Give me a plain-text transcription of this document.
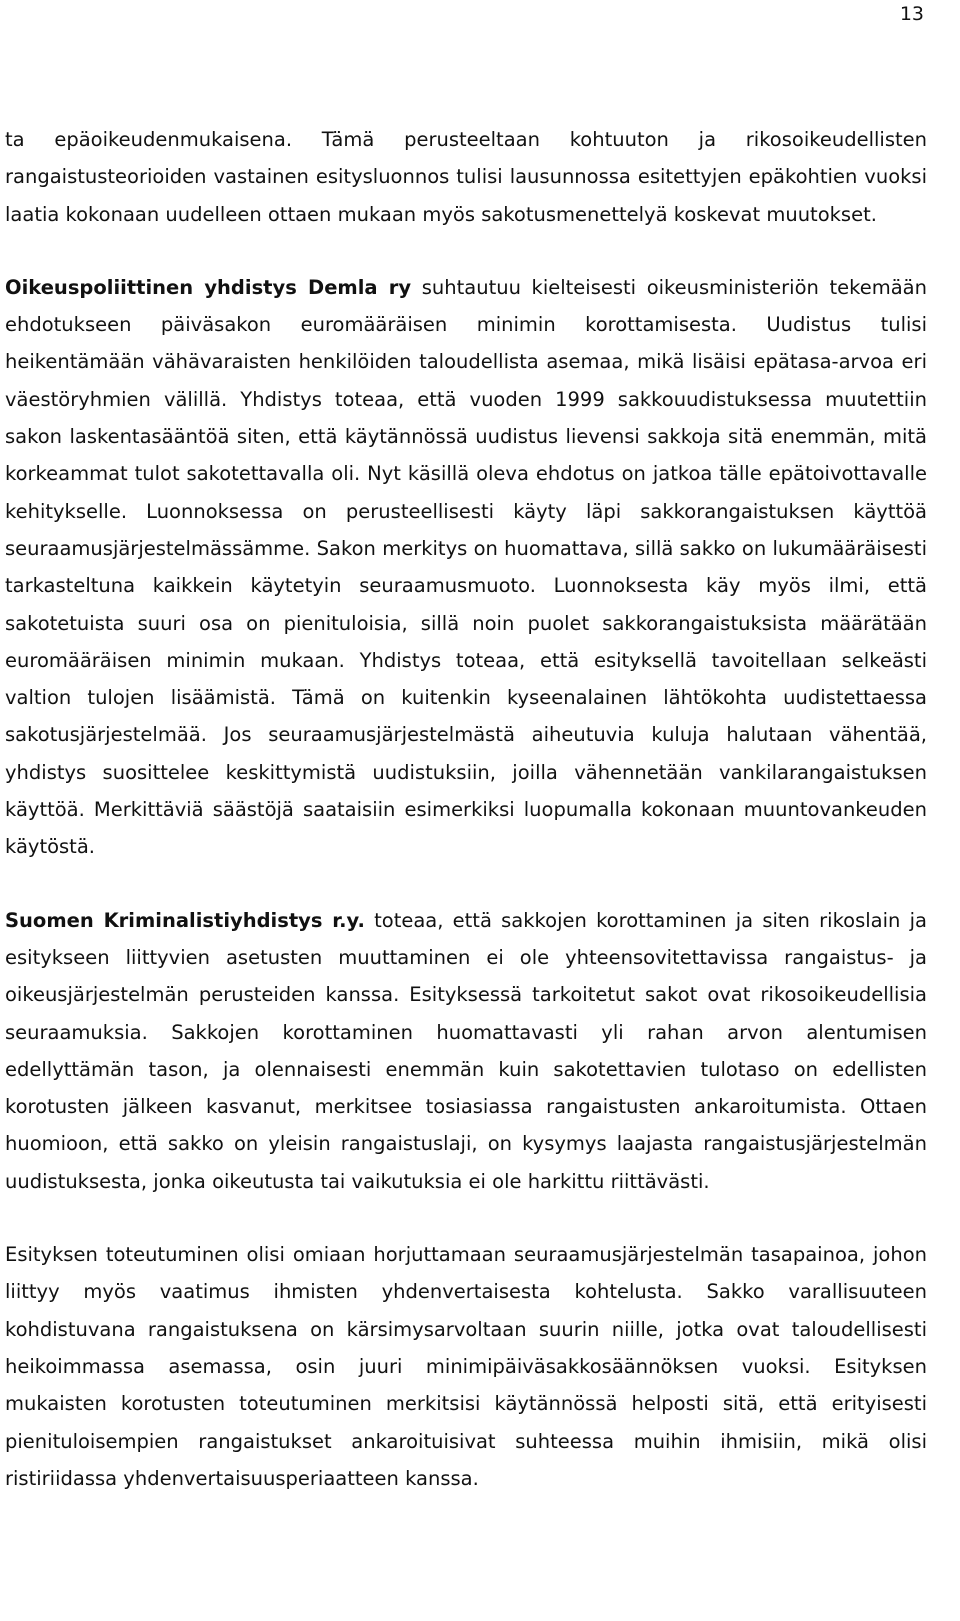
13

ta epäoikeudenmukaisena. Tämä perusteeltaan kohtuuton ja rikosoikeudellisten rangaistusteorioiden vastainen esitysluonnos tulisi lausunnossa esitettyjen epäkohtien vuoksi laatia kokonaan uudelleen ottaen mukaan myös sakotusmenettelyä koskevat muutokset.

Oikeuspoliittinen yhdistys Demla ry suhtautuu kielteisesti oikeusministeriön tekemään ehdotukseen päiväsakon euromääräisen minimin korottamisesta. Uudistus tulisi heikentämään vähävaraisten henkilöiden taloudellista asemaa, mikä lisäisi epätasa-arvoa eri väestöryhmien välillä. Yhdistys toteaa, että vuoden 1999 sakkouudistuksessa muutettiin sakon laskentasääntöä siten, että käytännössä uudistus lievensi sakkoja sitä enemmän, mitä korkeammat tulot sakotettavalla oli. Nyt käsillä oleva ehdotus on jatkoa tälle epätoivottavalle kehitykselle. Luonnoksessa on perusteellisesti käyty läpi sakkorangaistuksen käyttöä seuraamusjärjestelmässämme. Sakon merkitys on huomattava, sillä sakko on lukumääräisesti tarkasteltuna kaikkein käytetyin seuraamusmuoto. Luonnoksesta käy myös ilmi, että sakotetuista suuri osa on pienituloisia, sillä noin puolet sakkorangaistuksista määrätään euromääräisen minimin mukaan. Yhdistys toteaa, että esityksellä tavoitellaan selkeästi valtion tulojen lisäämistä. Tämä on kuitenkin kyseenalainen lähtökohta uudistettaessa sakotusjärjestelmää. Jos seuraamusjärjestelmästä aiheutuvia kuluja halutaan vähentää, yhdistys suosittelee keskittymistä uudistuksiin, joilla vähennetään vankilarangaistuksen käyttöä. Merkittäviä säästöjä saataisiin esimerkiksi luopumalla kokonaan muuntovankeuden käytöstä.

Suomen Kriminalistiyhdistys r.y. toteaa, että sakkojen korottaminen ja siten rikoslain ja esitykseen liittyvien asetusten muuttaminen ei ole yhteensovitettavissa rangaistus- ja oikeusjärjestelmän perusteiden kanssa. Esityksessä tarkoitetut sakot ovat rikosoikeudellisia seuraamuksia. Sakkojen korottaminen huomattavasti yli rahan arvon alentumisen edellyttämän tason, ja olennaisesti enemmän kuin sakotettavien tulotaso on edellisten korotusten jälkeen kasvanut, merkitsee tosiasiassa rangaistusten ankaroitumista. Ottaen huomioon, että sakko on yleisin rangaistuslaji, on kysymys laajasta rangaistusjärjestelmän uudistuksesta, jonka oikeutusta tai vaikutuksia ei ole harkittu riittävästi.

Esityksen toteutuminen olisi omiaan horjuttamaan seuraamusjärjestelmän tasapainoa, johon liittyy myös vaatimus ihmisten yhdenvertaisesta kohtelusta. Sakko varallisuuteen kohdistuvana rangaistuksena on kärsimysarvoltaan suurin niille, jotka ovat taloudellisesti heikoimmassa asemassa, osin juuri minimipäiväsakkosäännöksen vuoksi. Esityksen mukaisten korotusten toteutuminen merkitsisi käytännössä helposti sitä, että erityisesti pienituloisempien rangaistukset ankaroituisivat suhteessa muihin ihmisiin, mikä olisi ristiriidassa yhdenvertaisuusperiaatteen kanssa.
